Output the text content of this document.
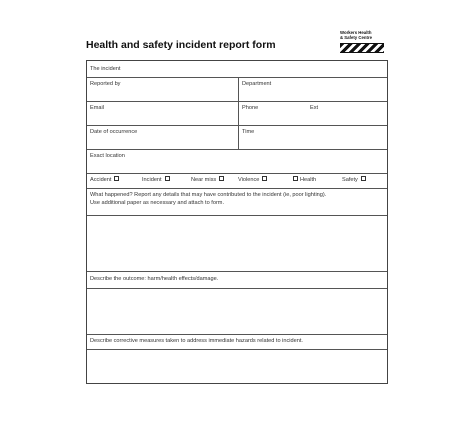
Health and safety incident report form
Workers Health
& Safety Centre
The incident
Reported by	Department
Email	Phone	Ext
Date of occurrence	Time
Exact location
Accident	Incident	Near miss	Violence	Health	Safety
What happened? Report any details that may have contributed to the incident (ie, poor lighting).
Use additional paper as necessary and attach to form.
Describe the outcome: harm/health effects/damage.
Describe corrective measures taken to address immediate hazards related to incident.
